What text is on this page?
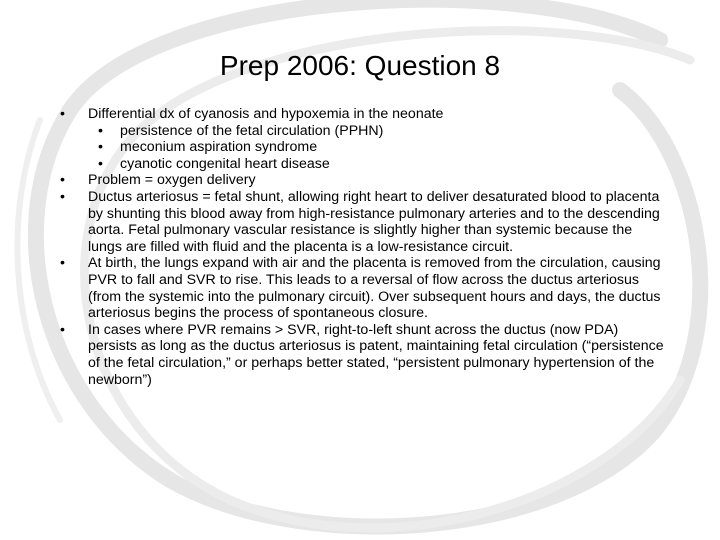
Prep 2006: Question 8
• Differential dx of cyanosis and hypoxemia in the neonate
• persistence of the fetal circulation (PPHN)
• meconium aspiration syndrome
• cyanotic congenital heart disease
• Problem = oxygen delivery
• Ductus arteriosus = fetal shunt, allowing right heart to deliver desaturated blood to placenta by shunting this blood away from high-resistance pulmonary arteries and to the descending aorta. Fetal pulmonary vascular resistance is slightly higher than systemic because the lungs are filled with fluid and the placenta is a low-resistance circuit.
• At birth, the lungs expand with air and the placenta is removed from the circulation, causing PVR to fall and SVR to rise. This leads to a reversal of flow across the ductus arteriosus (from the systemic into the pulmonary circuit). Over subsequent hours and days, the ductus arteriosus begins the process of spontaneous closure.
• In cases where PVR remains > SVR, right-to-left shunt across the ductus (now PDA) persists as long as the ductus arteriosus is patent, maintaining fetal circulation (“persistence of the fetal circulation,” or perhaps better stated, “persistent pulmonary hypertension of the newborn”)
